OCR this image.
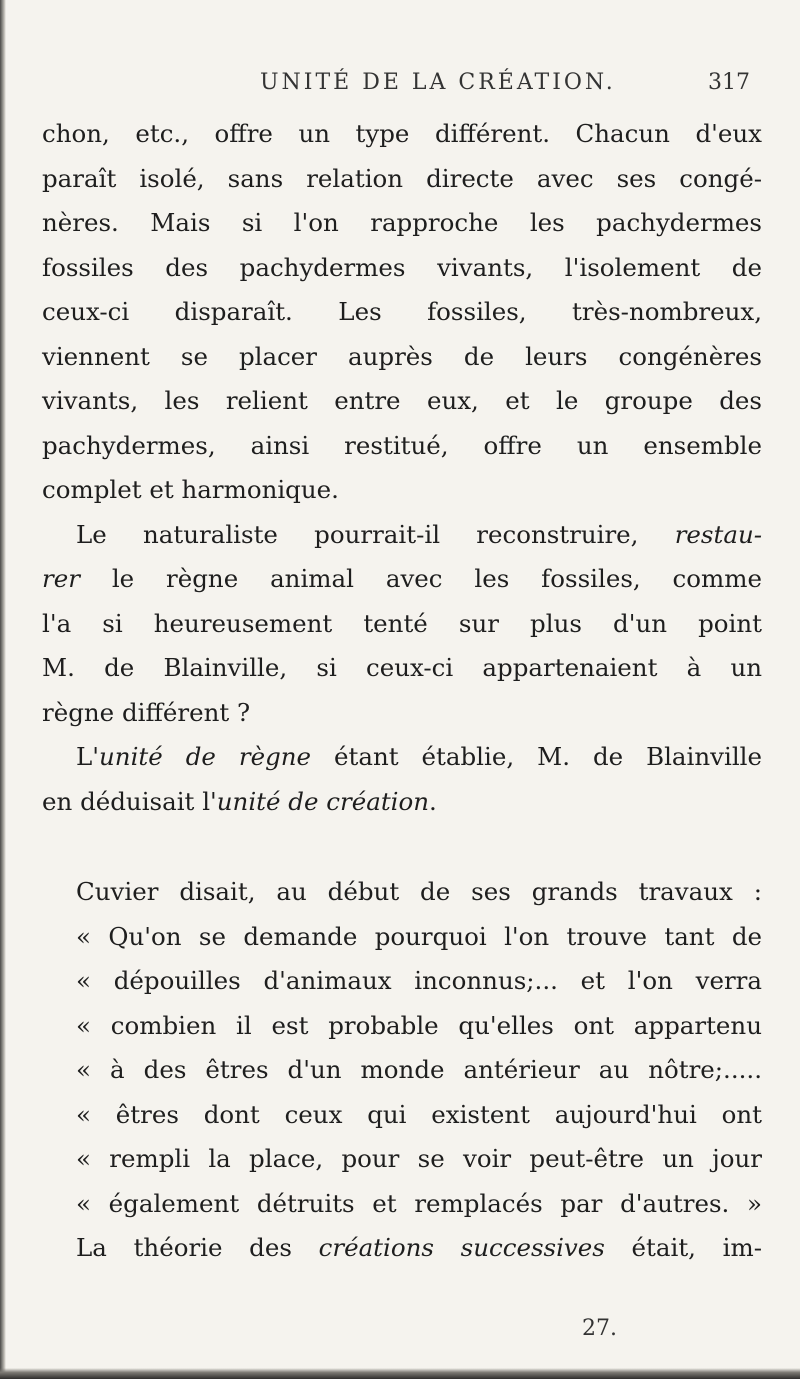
UNITÉ DE LA CRÉATION.	317
chon, etc., offre un type différent. Chacun d'eux
paraît isolé, sans relation directe avec ses congé-
nères. Mais si l'on rapproche les pachydermes
fossiles des pachydermes vivants, l'isolement de
ceux-ci disparaît. Les fossiles, très-nombreux,
viennent se placer auprès de leurs congénères
vivants, les relient entre eux, et le groupe des
pachydermes, ainsi restitué, offre un ensemble
complet et harmonique.
Le naturaliste pourrait-il reconstruire, restau-
rer le règne animal avec les fossiles, comme
l'a si heureusement tenté sur plus d'un point
M. de Blainville, si ceux-ci appartenaient à un
règne différent ?
L'unité de règne étant établie, M. de Blainville
en déduisait l'unité de création.
Cuvier disait, au début de ses grands travaux :
« Qu'on se demande pourquoi l'on trouve tant de
« dépouilles d'animaux inconnus;... et l'on verra
« combien il est probable qu'elles ont appartenu
« à des êtres d'un monde antérieur au nôtre;.....
« êtres dont ceux qui existent aujourd'hui ont
« rempli la place, pour se voir peut-être un jour
« également détruits et remplacés par d'autres. »
La théorie des créations successives était, im-
27.
